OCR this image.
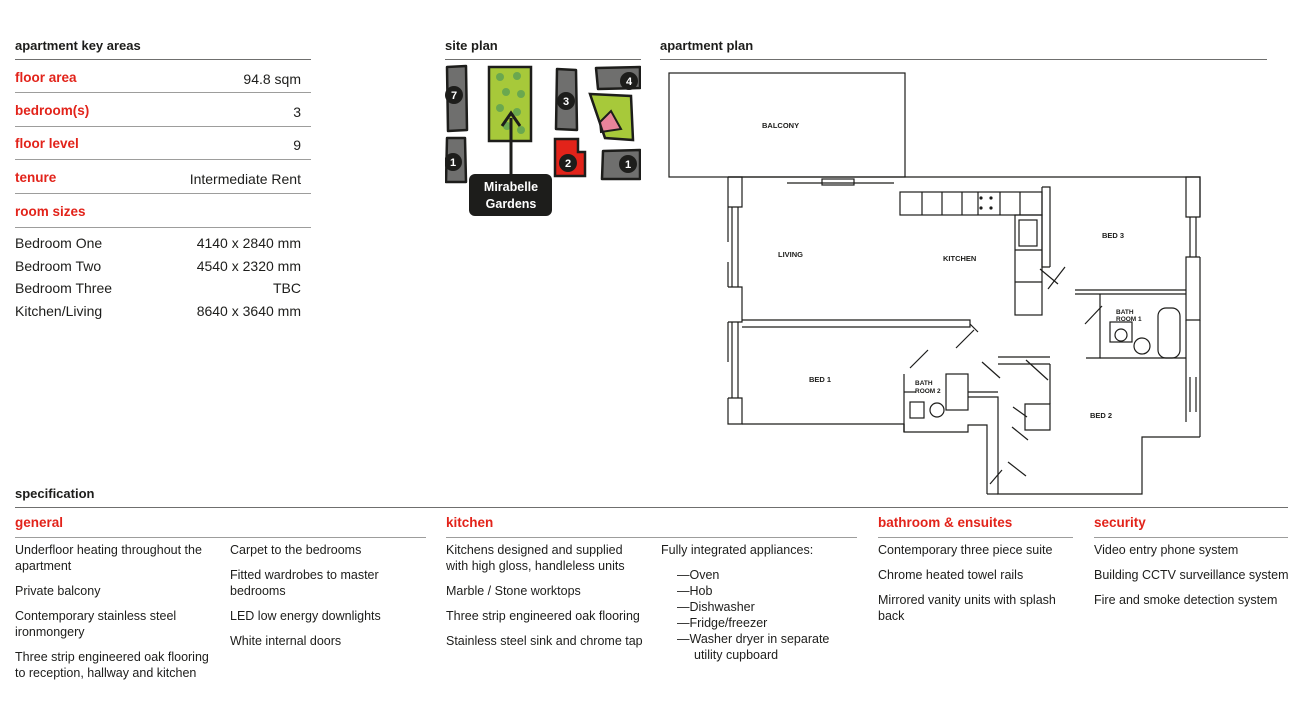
apartment key areas
floor area	94.8 sqm
bedroom(s)	3
floor level	9
tenure	Intermediate Rent
room sizes
Bedroom One	4140 x 2840 mm
Bedroom Two	4540 x 2320 mm
Bedroom Three	TBC
Kitchen/Living	8640 x 3640 mm
site plan
7	3
4
1	2	1
Mirabelle
Gardens
apartment plan
BALCONY
LIVING	KITCHEN
BED 3
BATH
ROOM 1
BED 1	BATH
ROOM 2
BED 2
specification
general

Underfloor heating throughout the apartment

Private balcony

Contemporary stainless steel ironmongery

Three strip engineered oak flooring to reception, hallway and kitchen

Carpet to the bedrooms

Fitted wardrobes to master bedrooms

LED low energy downlights

White internal doors

kitchen

Kitchens designed and supplied with high gloss, handleless units

Marble / Stone worktops

Three strip engineered oak flooring

Stainless steel sink and chrome tap

Fully integrated appliances:

—Oven
—Hob
—Dishwasher
—Fridge/freezer
—Washer dryer in separate utility cupboard
bathroom & ensuites

Contemporary three piece suite

Chrome heated towel rails

Mirrored vanity units with splash back

security

Video entry phone system

Building CCTV surveillance system

Fire and smoke detection system
